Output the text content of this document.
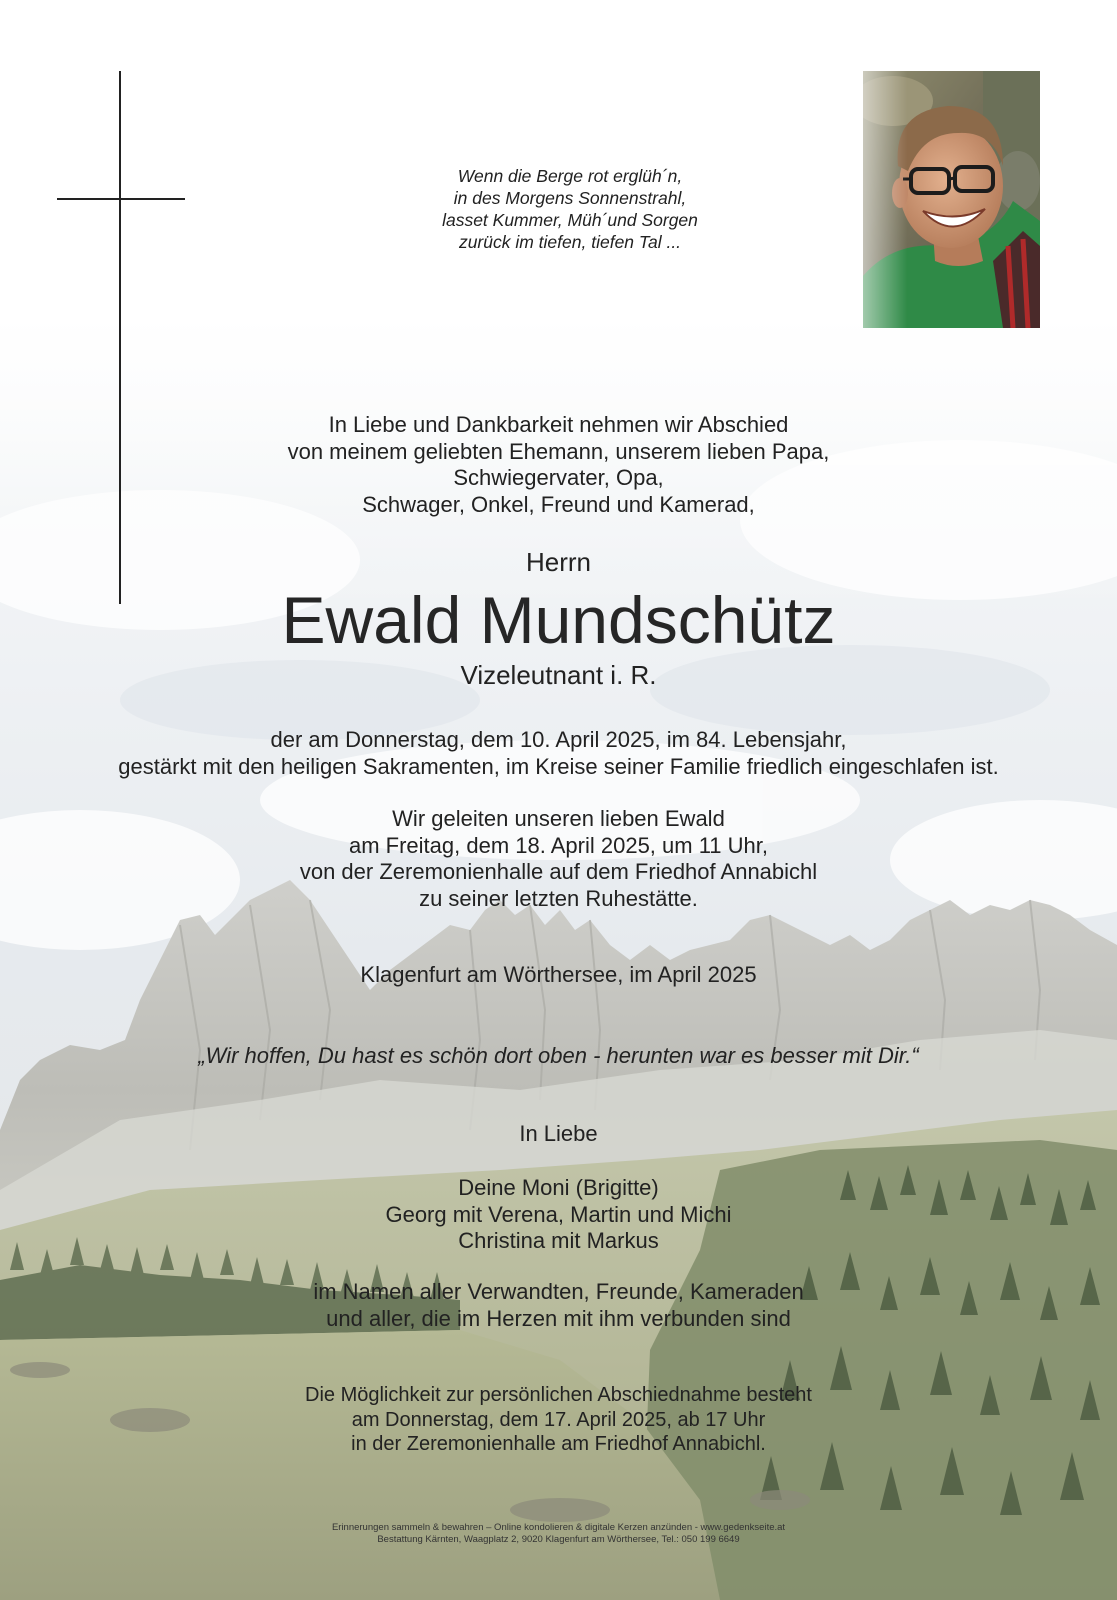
Wenn die Berge rot erglüh´n,
in des Morgens Sonnenstrahl,
lasset Kummer, Müh´und Sorgen
zurück im tiefen, tiefen Tal ...
In Liebe und Dankbarkeit nehmen wir Abschied
von meinem geliebten Ehemann, unserem lieben Papa,
Schwiegervater, Opa,
Schwager, Onkel, Freund und Kamerad,
Herrn
Ewald Mundschütz
Vizeleutnant i. R.
der am Donnerstag, dem 10. April 2025, im 84. Lebensjahr,
gestärkt mit den heiligen Sakramenten, im Kreise seiner Familie friedlich eingeschlafen ist.
Wir geleiten unseren lieben Ewald
am Freitag, dem 18. April 2025, um 11 Uhr,
von der Zeremonienhalle auf dem Friedhof Annabichl
zu seiner letzten Ruhestätte.
Klagenfurt am Wörthersee, im April 2025
„Wir hoffen, Du hast es schön dort oben - herunten war es besser mit Dir.“
In Liebe
Deine Moni (Brigitte)
Georg mit Verena, Martin und Michi
Christina mit Markus
im Namen aller Verwandten, Freunde, Kameraden
und aller, die im Herzen mit ihm verbunden sind
Die Möglichkeit zur persönlichen Abschiednahme besteht
am Donnerstag, dem 17. April 2025, ab 17 Uhr
in der Zeremonienhalle am Friedhof Annabichl.
Erinnerungen sammeln & bewahren – Online kondolieren & digitale Kerzen anzünden - www.gedenkseite.at
Bestattung Kärnten, Waagplatz 2, 9020 Klagenfurt am Wörthersee, Tel.: 050 199 6649
